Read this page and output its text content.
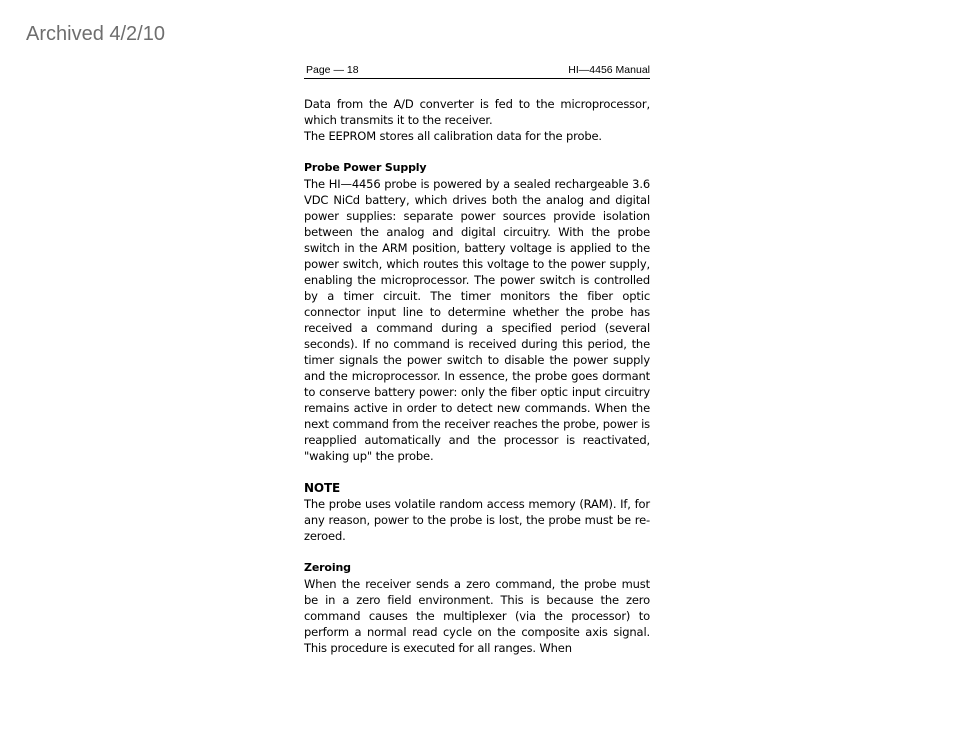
Archived 4/2/10
Page — 18	HI—4456 Manual

Data from the A/D converter is fed to the microprocessor, which transmits it to the receiver.

The EEPROM stores all calibration data for the probe.

Probe Power Supply

The HI—4456 probe is powered by a sealed rechargeable 3.6 VDC NiCd battery, which drives both the analog and digital power supplies: separate power sources provide isolation between the analog and digital circuitry. With the probe switch in the ARM position, battery voltage is applied to the power switch, which routes this voltage to the power supply, enabling the microprocessor. The power switch is controlled by a timer circuit. The timer monitors the fiber optic connector input line to determine whether the probe has received a command during a specified period (several seconds). If no command is received during this period, the timer signals the power switch to disable the power supply and the microprocessor. In essence, the probe goes dormant to conserve battery power: only the fiber optic input circuitry remains active in order to detect new commands. When the next command from the receiver reaches the probe, power is reapplied automatically and the processor is reactivated, "waking up" the probe.

NOTE

The probe uses volatile random access memory (RAM). If, for any reason, power to the probe is lost, the probe must be re-zeroed.

Zeroing

When the receiver sends a zero command, the probe must be in a zero field environment. This is because the zero command causes the multiplexer (via the processor) to perform a normal read cycle on the composite axis signal. This procedure is executed for all ranges. When
